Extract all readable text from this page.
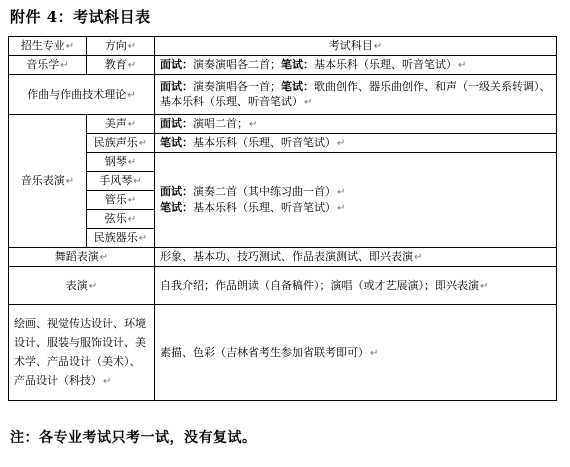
附件 4：考试科目表
招生专业↵	方向↵	考试科目↵
音乐学↵	教育↵	面试：演奏演唱各二首；笔试：基本乐科（乐理、听音笔试）↵
作曲与作曲技术理论↵		面试：演奏演唱各一首；笔试：歌曲创作、器乐曲创作、和声（一级关系转调）、基本乐科（乐理、听音笔试）↵
音乐表演↵	美声↵	面试：演唱二首；↵
	民族声乐↵	笔试：基本乐科（乐理、听音笔试）↵
	钢琴↵	面试：演奏二首（其中练习曲一首）↵
笔试：基本乐科（乐理、听音笔试）↵

	手风琴↵	
	管乐↵	
	弦乐↵	
	民族器乐↵	
舞蹈表演↵		形象、基本功、技巧测试、作品表演测试、即兴表演↵
表演↵		自我介绍；作品朗读（自备稿件）；演唱（或才艺展演）；即兴表演↵
绘画、视觉传达设计、环境设计、服装与服饰设计、美术学、产品设计（美术）、产品设计（科技）↵		素描、色彩（吉林省考生参加省联考即可）↵
注：各专业考试只考一试，没有复试。
